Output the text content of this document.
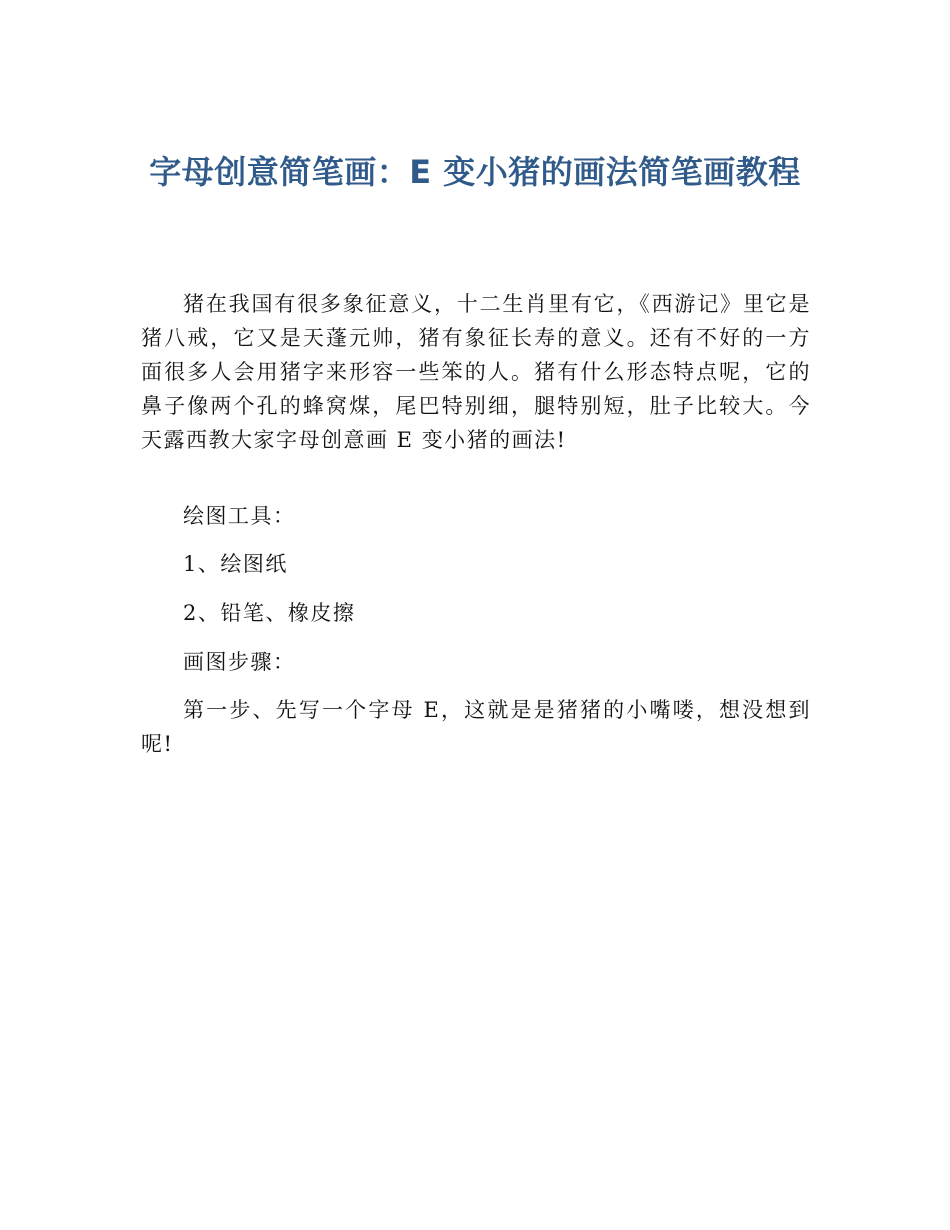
字母创意简笔画：E 变小猪的画法简笔画教程

猪在我国有很多象征意义，十二生肖里有它，《西游记》里它是猪八戒，它又是天蓬元帅，猪有象征长寿的意义。还有不好的一方面很多人会用猪字来形容一些笨的人。猪有什么形态特点呢，它的鼻子像两个孔的蜂窝煤，尾巴特别细，腿特别短，肚子比较大。今天露西教大家字母创意画 E 变小猪的画法!

绘图工具：

1、绘图纸

2、铅笔、橡皮擦

画图步骤：

第一步、先写一个字母 E，这就是是猪猪的小嘴喽，想没想到呢!
